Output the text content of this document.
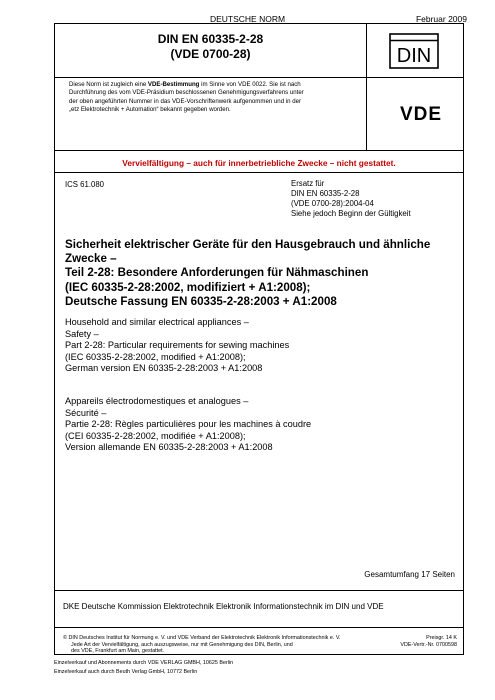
DEUTSCHE NORM	Februar 2009
DIN EN 60335-2-28
(VDE 0700-28)	DIN
Diese Norm ist zugleich eine VDE-Bestimmung im Sinne von VDE 0022. Sie ist nach
Durchführung des vom VDE-Präsidium beschlossenen Genehmigungsverfahrens unter
der oben angeführten Nummer in das VDE-Vorschriftenwerk aufgenommen und in der
„etz Elektrotechnik + Automation“ bekannt gegeben worden.	VDE
Vervielfältigung – auch für innerbetriebliche Zwecke – nicht gestattet.
ICS 61.080	Ersatz für
DIN EN 60335-2-28
(VDE 0700-28):2004-04
Siehe jedoch Beginn der Gültigkeit
Sicherheit elektrischer Geräte für den Hausgebrauch und ähnliche
Zwecke –
Teil 2-28: Besondere Anforderungen für Nähmaschinen
(IEC 60335-2-28:2002, modifiziert + A1:2008);
Deutsche Fassung EN 60335-2-28:2003 + A1:2008
Household and similar electrical appliances –
Safety –
Part 2-28: Particular requirements for sewing machines
(IEC 60335-2-28:2002, modified + A1:2008);
German version EN 60335-2-28:2003 + A1:2008
Appareils électrodomestiques et analogues –
Sécurité –
Partie 2-28: Règles particulières pour les machines à coudre
(CEI 60335-2-28:2002, modifiée + A1:2008);
Version allemande EN 60335-2-28:2003 + A1:2008
Gesamtumfang 17 Seiten
DKE Deutsche Kommission Elektrotechnik Elektronik Informationstechnik im DIN und VDE
© DIN Deutsches Institut für Normung e. V. und VDE Verband der Elektrotechnik Elektronik Informationstechnik e. V.
Jede Art der Vervielfältigung, auch auszugsweise, nur mit Genehmigung des DIN, Berlin, und
des VDE, Frankfurt am Main, gestattet.
Preisgr. 14 K
VDE-Vertr.-Nr. 0700598
Einzelverkauf und Abonnements durch VDE VERLAG GMBH, 10625 Berlin
Einzelverkauf auch durch Beuth Verlag GmbH, 10772 Berlin
